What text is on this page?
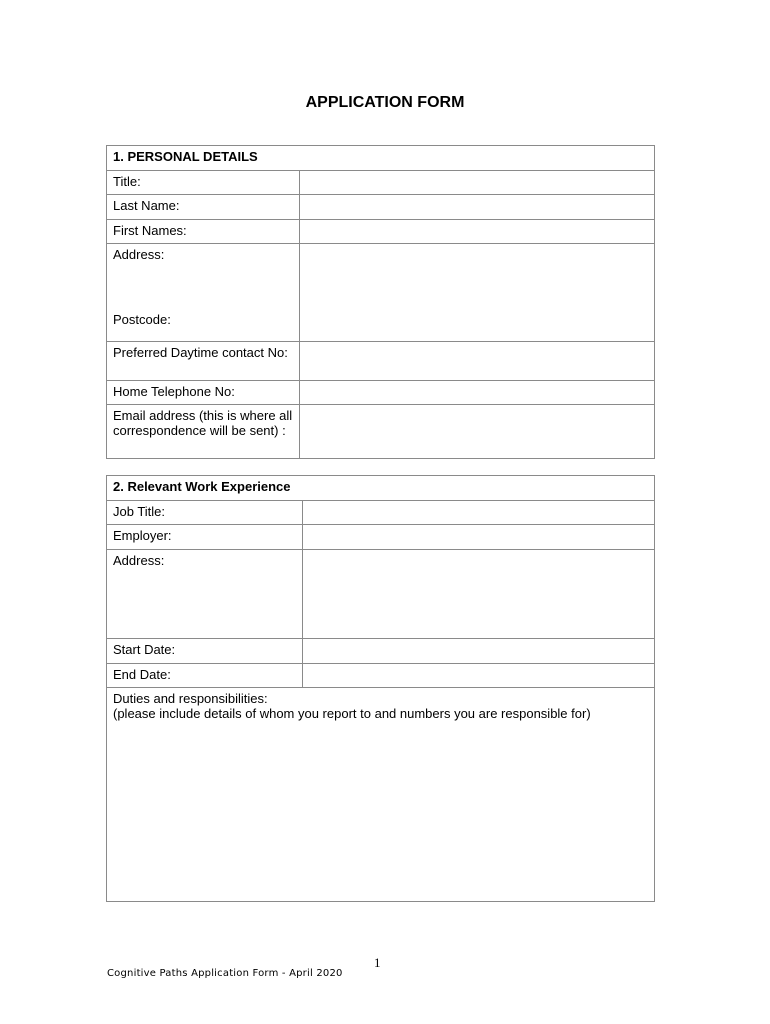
APPLICATION FORM
1. PERSONAL DETAILS	
Title:	
Last Name:	
First Names:	

Address:
Postcode:	

Preferred Daytime contact No:	
Home Telephone No:	
Email address (this is where all correspondence will be sent) :	
2. Relevant Work Experience	
Job Title:	
Employer:	
Address:	
Start Date:	
End Date:	

Duties and responsibilities:
(please include details of whom you report to and numbers you are responsible for)	
1
Cognitive Paths Application Form - April 2020
